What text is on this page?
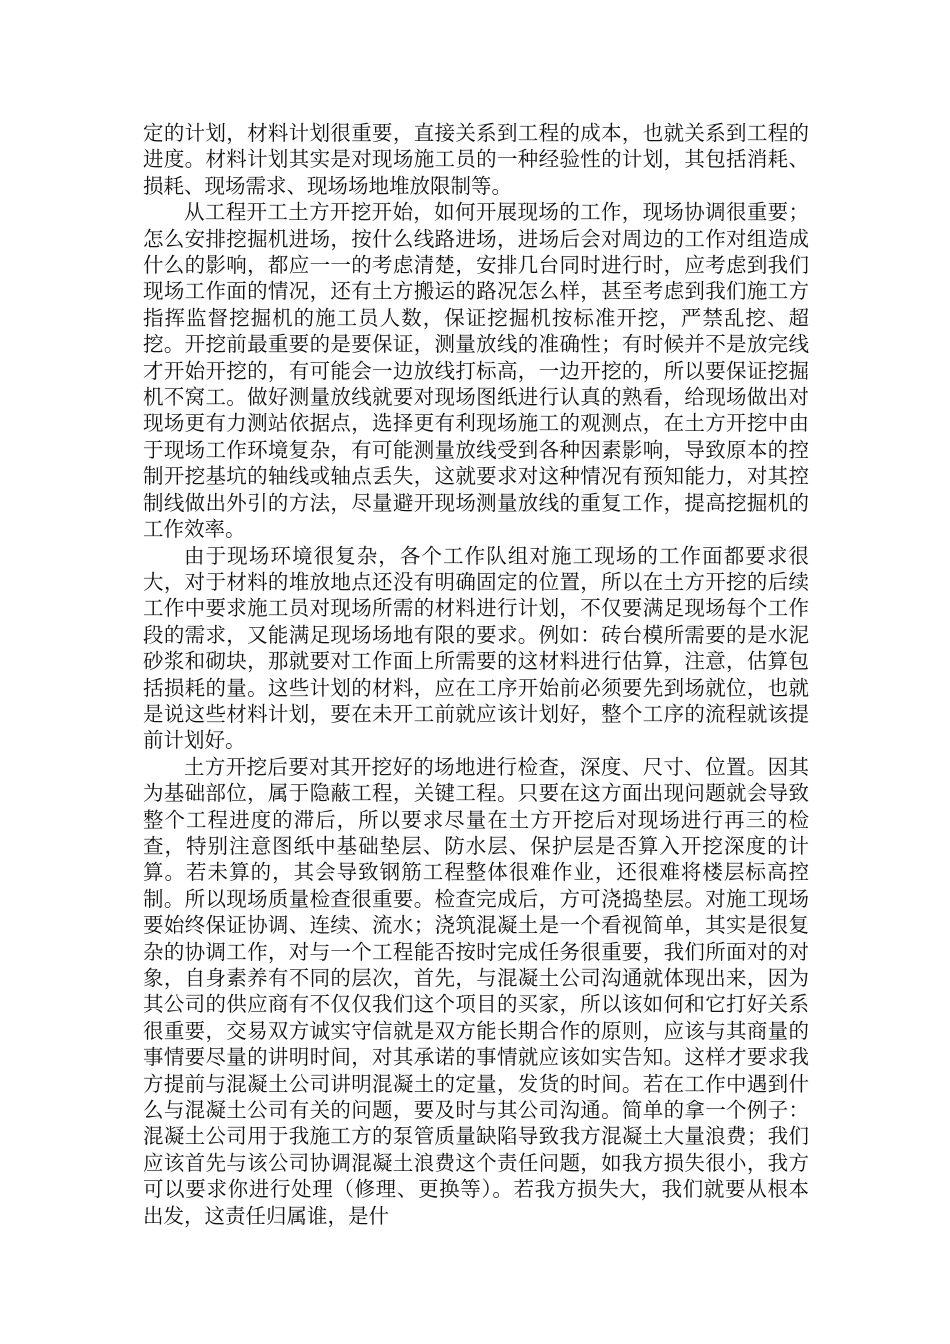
定的计划，材料计划很重要，直接关系到工程的成本，也就关系到工程的进度。材料计划其实是对现场施工员的一种经验性的计划，其包括消耗、损耗、现场需求、现场场地堆放限制等。

从工程开工土方开挖开始，如何开展现场的工作，现场协调很重要；怎么安排挖掘机进场，按什么线路进场，进场后会对周边的工作对组造成什么的影响，都应一一的考虑清楚，安排几台同时进行时，应考虑到我们现场工作面的情况，还有土方搬运的路况怎么样，甚至考虑到我们施工方指挥监督挖掘机的施工员人数，保证挖掘机按标准开挖，严禁乱挖、超挖。开挖前最重要的是要保证，测量放线的准确性；有时候并不是放完线才开始开挖的，有可能会一边放线打标高，一边开挖的，所以要保证挖掘机不窝工。做好测量放线就要对现场图纸进行认真的熟看，给现场做出对现场更有力测站依据点，选择更有利现场施工的观测点，在土方开挖中由于现场工作环境复杂，有可能测量放线受到各种因素影响，导致原本的控制开挖基坑的轴线或轴点丢失，这就要求对这种情况有预知能力，对其控制线做出外引的方法，尽量避开现场测量放线的重复工作，提高挖掘机的工作效率。

由于现场环境很复杂，各个工作队组对施工现场的工作面都要求很大，对于材料的堆放地点还没有明确固定的位置，所以在土方开挖的后续工作中要求施工员对现场所需的材料进行计划，不仅要满足现场每个工作段的需求，又能满足现场场地有限的要求。例如：砖台模所需要的是水泥砂浆和砌块，那就要对工作面上所需要的这材料进行估算，注意，估算包括损耗的量。这些计划的材料，应在工序开始前必须要先到场就位，也就是说这些材料计划，要在未开工前就应该计划好，整个工序的流程就该提前计划好。

土方开挖后要对其开挖好的场地进行检查，深度、尺寸、位置。因其为基础部位，属于隐蔽工程，关键工程。只要在这方面出现问题就会导致整个工程进度的滞后，所以要求尽量在土方开挖后对现场进行再三的检查，特别注意图纸中基础垫层、防水层、保护层是否算入开挖深度的计算。若未算的，其会导致钢筋工程整体很难作业，还很难将楼层标高控制。所以现场质量检查很重要。检查完成后，方可浇捣垫层。对施工现场要始终保证协调、连续、流水；浇筑混凝土是一个看视简单，其实是很复杂的协调工作，对与一个工程能否按时完成任务很重要，我们所面对的对象，自身素养有不同的层次，首先，与混凝土公司沟通就体现出来，因为其公司的供应商有不仅仅我们这个项目的买家，所以该如何和它打好关系很重要，交易双方诚实守信就是双方能长期合作的原则，应该与其商量的事情要尽量的讲明时间，对其承诺的事情就应该如实告知。这样才要求我方提前与混凝土公司讲明混凝土的定量，发货的时间。若在工作中遇到什么与混凝土公司有关的问题，要及时与其公司沟通。简单的拿一个例子：混凝土公司用于我施工方的泵管质量缺陷导致我方混凝土大量浪费；我们应该首先与该公司协调混凝土浪费这个责任问题，如我方损失很小，我方可以要求你进行处理（修理、更换等）。若我方损失大，我们就要从根本出发，这责任归属谁，是什
